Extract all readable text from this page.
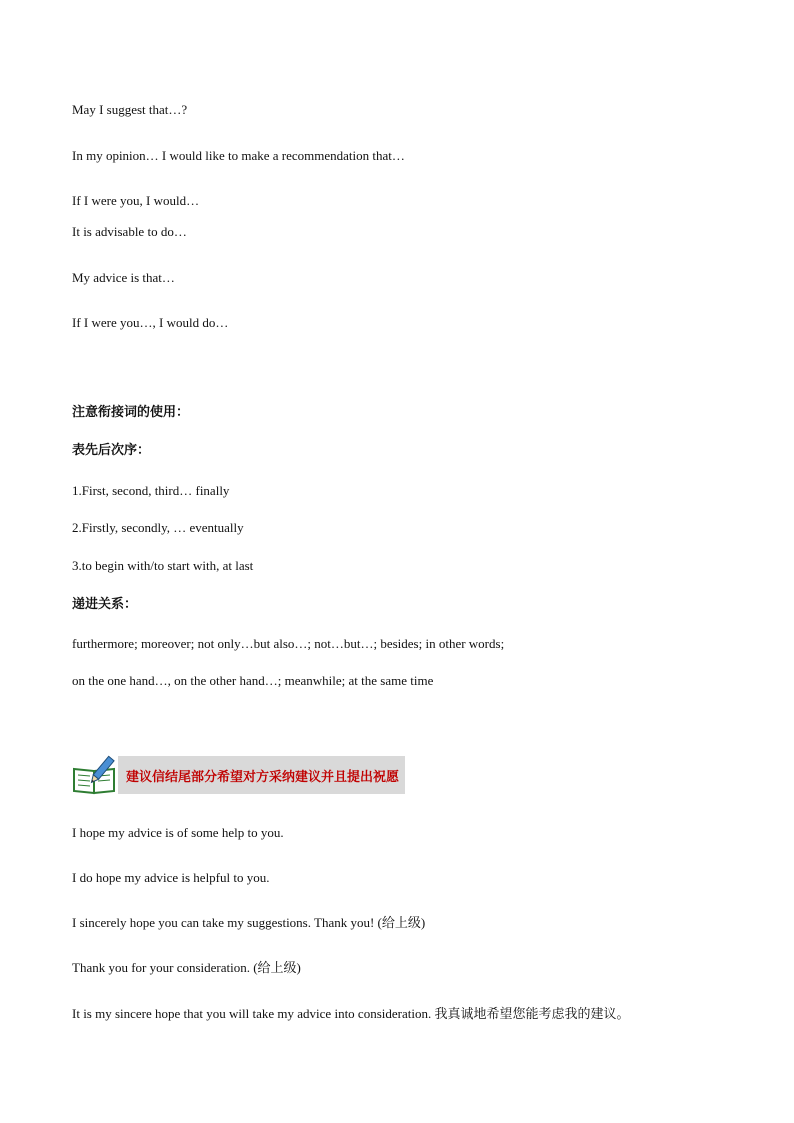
May I suggest that…?
In my opinion… I would like to make a recommendation that…
If I were you, I would…
It is advisable to do…
My advice is that…
If I were you…, I would do…
注意衔接词的使用：
表先后次序：
1.First, second, third… finally
2.Firstly, secondly, … eventually
3.to begin with/to start with, at last
递进关系：
furthermore; moreover; not only…but also…; not…but…; besides; in other words;
on the one hand…, on the other hand…; meanwhile; at the same time
建议信结尾部分希望对方采纳建议并且提出祝愿
I hope my advice is of some help to you.
I do hope my advice is helpful to you.
I sincerely hope you can take my suggestions. Thank you! (给上级)
Thank you for your consideration. (给上级)
It is my sincere hope that you will take my advice into consideration. 我真诚地希望您能考虑我的建议。
